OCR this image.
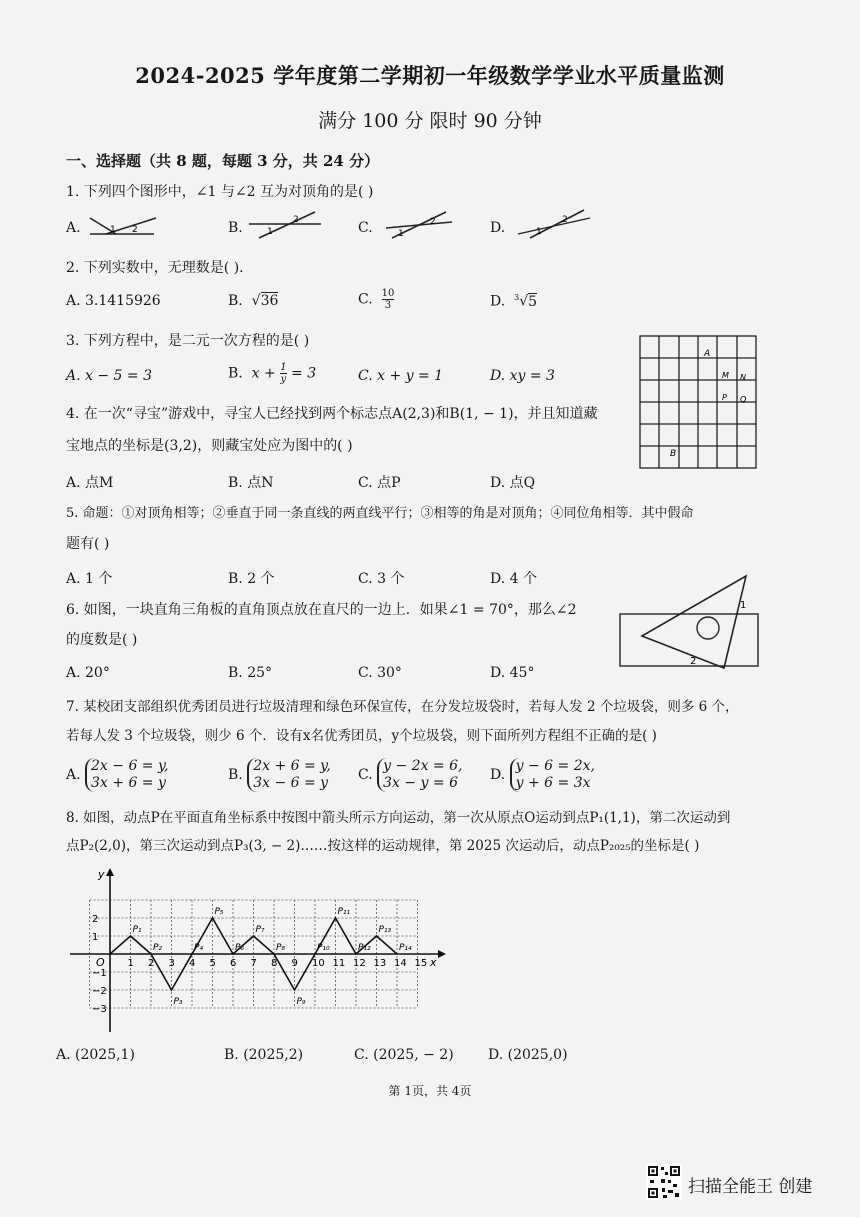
2024-2025 学年度第二学期初一年级数学学业水平质量监测
满分 100 分 限时 90 分钟
一、选择题（共 8 题，每题 3 分，共 24 分）
1. 下列四个图形中，∠1 与∠2 互为对顶角的是( )
A.	1 2	B.	1
2	C.	1
2	D.	1
2
2. 下列实数中，无理数是( ).
A. 3.1415926	B.  √36	C. $\frac{10}{3}$	D. $^3$√5
3. 下列方程中，是二元一次方程的是( )
A. x − 5 = 3	B. $x + \frac{1}{y} = 3$	C. x + y = 1	D. xy = 3
A
M N
P Q
B
4. 在一次“寻宝”游戏中，寻宝人已经找到两个标志点A(2,3)和B(1, − 1)，并且知道藏
宝地点的坐标是(3,2)，则藏宝处应为图中的( )
A. 点M	B. 点N	C. 点P	D. 点Q
5. 命题：①对顶角相等；②垂直于同一条直线的两直线平行；③相等的角是对顶角；④同位角相等．其中假命
题有( )
A. 1 个	B. 2 个	C. 3 个	D. 4 个
1
2
6. 如图，一块直角三角板的直角顶点放在直尺的一边上．如果∠1 = 70°，那么∠2
的度数是( )
A. 20°	B. 25°	C. 30°	D. 45°
7. 某校团支部组织优秀团员进行垃圾清理和绿色环保宣传，在分发垃圾袋时，若每人发 2 个垃圾袋，则多 6 个，
若每人发 3 个垃圾袋，则少 6 个．设有x名优秀团员，y个垃圾袋，则下面所列方程组不正确的是( )
A. 2x − 6 = y,
3x + 6 = y	B. 2x + 6 = y,
3x − 6 = y C. y − 2x = 6,
3x − y = 6	D. y − 6 = 2x,
y + 6 = 3x
8. 如图，动点P在平面直角坐标系中按图中箭头所示方向运动，第一次从原点O运动到点P₁(1,1)，第二次运动到
点P₂(2,0)，第三次运动到点P₃(3, − 2)……按这样的运动规律，第 2025 次运动后，动点P₂₀₂₅的坐标是( )
x
y
O 1 2 3 4 5 6 7 8 9 10 11 12 13 14 15
2
1
−1
−2
−3
P₁
P₂
P₃
P₄
P₅
P₆
P₇
P₈
P₉
P₁₀
P₁₁
P₁₂
P₁₃
P₁₄
A. (2025,1)	B. (2025,2)	C. (2025, − 2) D. (2025,0)
第 1页，共 4页
扫描全能王 创建
